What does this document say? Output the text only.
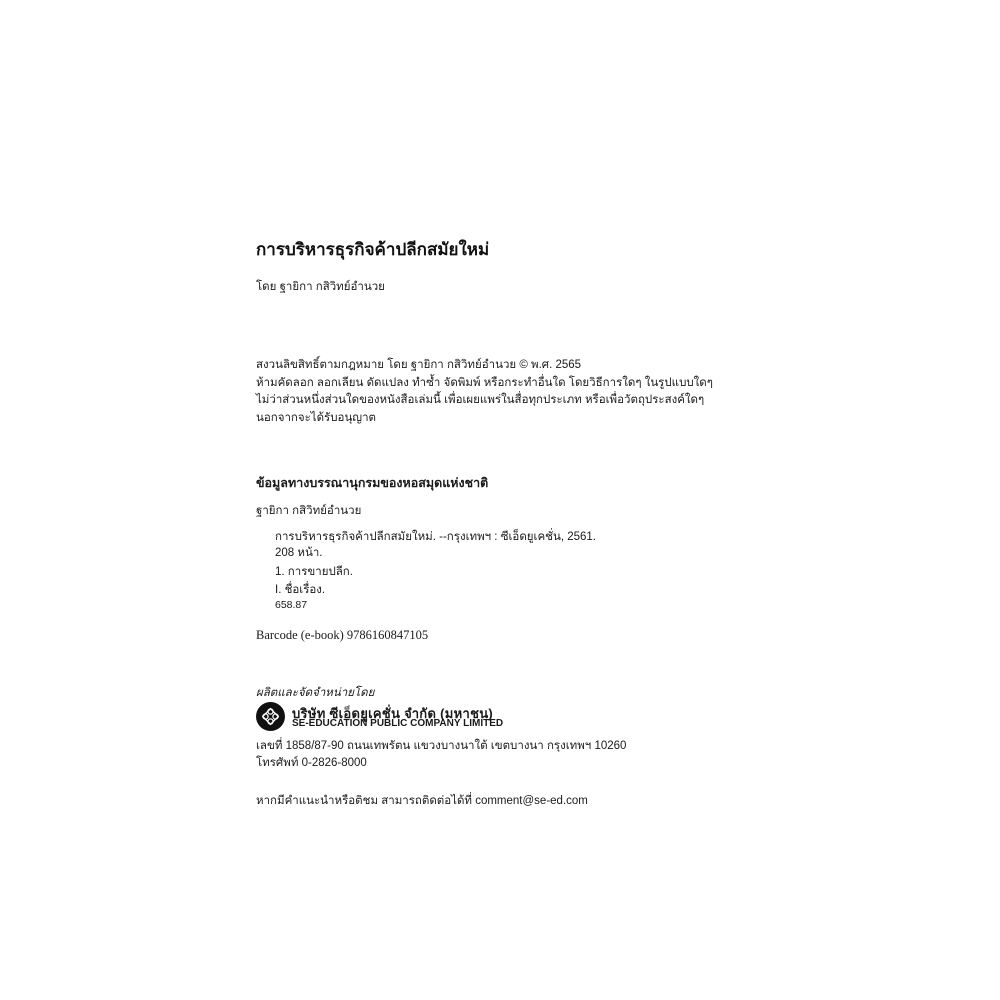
การบริหารธุรกิจค้าปลีกสมัยใหม่
โดย ฐายิกา กสิวิทย์อำนวย
สงวนลิขสิทธิ์ตามกฎหมาย โดย ฐายิกา กสิวิทย์อำนวย © พ.ศ. 2565
ห้ามคัดลอก ลอกเลียน ดัดแปลง ทำซ้ำ จัดพิมพ์ หรือกระทำอื่นใด โดยวิธีการใดๆ ในรูปแบบใดๆ
ไม่ว่าส่วนหนึ่งส่วนใดของหนังสือเล่มนี้ เพื่อเผยแพร่ในสื่อทุกประเภท หรือเพื่อวัตถุประสงค์ใดๆ
นอกจากจะได้รับอนุญาต
ข้อมูลทางบรรณานุกรมของหอสมุดแห่งชาติ
ฐายิกา กสิวิทย์อำนวย
การบริหารธุรกิจค้าปลีกสมัยใหม่. --กรุงเทพฯ : ซีเอ็ดยูเคชั่น, 2561.
208 หน้า.
1. การขายปลีก.
I. ชื่อเรื่อง.
658.87
Barcode (e-book) 9786160847105
ผลิตและจัดจำหน่ายโดย
บริษัท ซีเอ็ดยูเคชั่น จำกัด (มหาชน)
SE-EDUCATION PUBLIC COMPANY LIMITED
เลขที่ 1858/87-90 ถนนเทพรัตน แขวงบางนาใต้ เขตบางนา กรุงเทพฯ 10260
โทรศัพท์ 0-2826-8000
หากมีคำแนะนำหรือติชม สามารถติดต่อได้ที่ comment@se-ed.com
